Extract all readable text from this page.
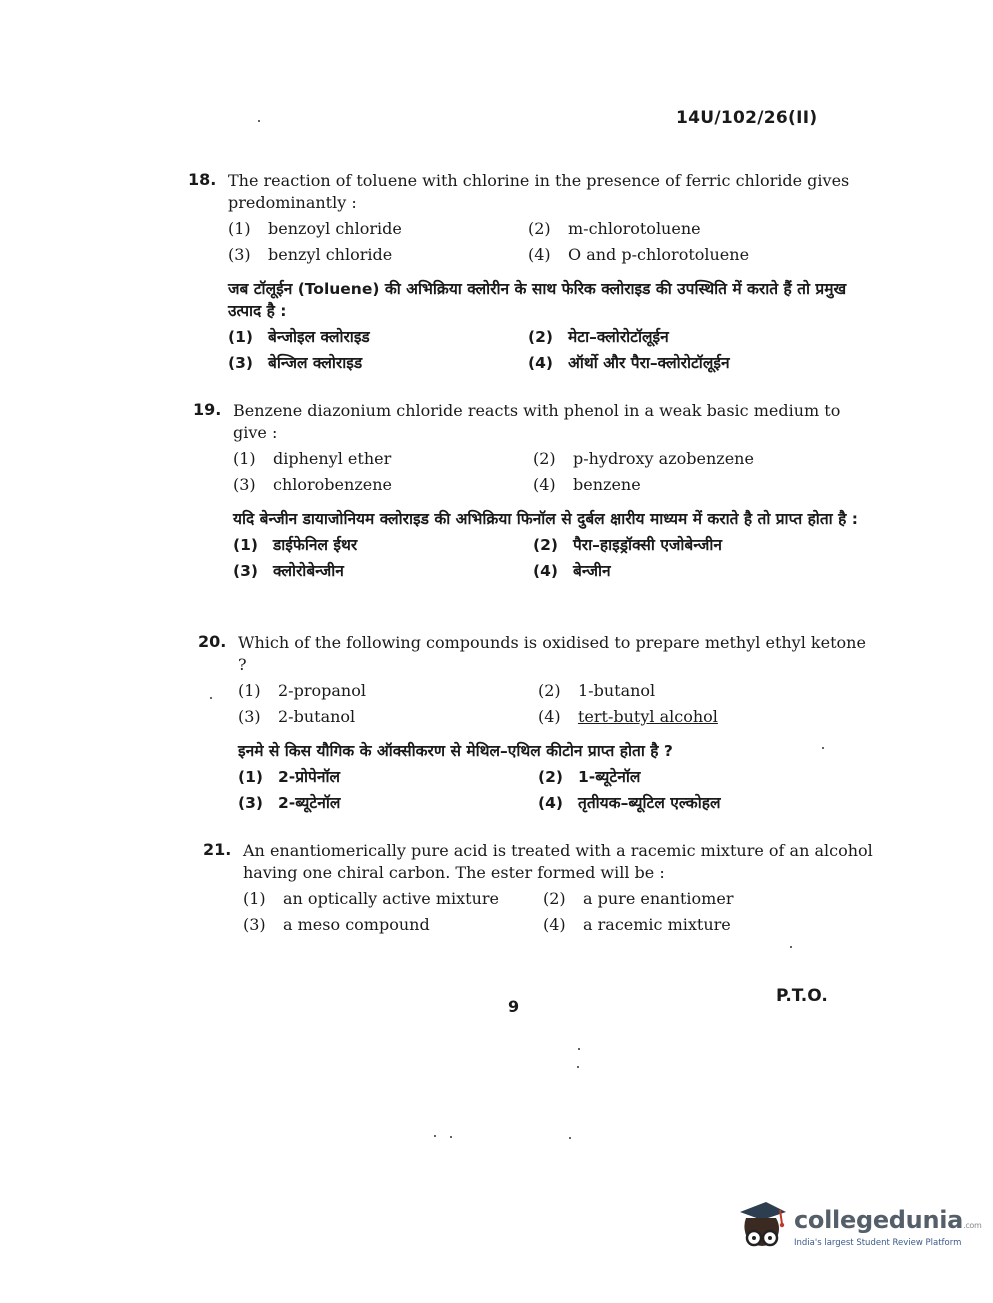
14U/102/26(II)
18. The reaction of toluene with chlorine in the presence of ferric chloride gives predominantly :

(1)	benzoyl chloride	(2)	m-chlorotoluene
(3)	benzyl chloride	(4)	O and p-chlorotoluene

जब टॉलूईन (Toluene) की अभिक्रिया क्लोरीन के साथ फेरिक क्लोराइड की उपस्थिति में कराते हैं तो प्रमुख उत्पाद है :

(1) बेन्जोइल क्लोराइड	(2) मेटा–क्लोरोटॉलूईन
(3) बेन्जिल क्लोराइड	(4) ऑर्थो और पैरा–क्लोरोटॉलूईन
19. Benzene diazonium chloride reacts with phenol in a weak basic medium to give :

(1)	diphenyl ether	(2)	p-hydroxy azobenzene
(3)	chlorobenzene	(4)	benzene

यदि बेन्जीन डायाजोनियम क्लोराइड की अभिक्रिया फिनॉल से दुर्बल क्षारीय माध्यम में कराते है तो प्राप्त होता है :

(1) डाईफेनिल ईथर	(2) पैरा–हाइड्रॉक्सी एजोबेन्जीन
(3) क्लोरोबेन्जीन	(4) बेन्जीन
20. Which of the following compounds is oxidised to prepare methyl ethyl ketone ?

(1)	2-propanol	(2)	1-butanol
(3)	2-butanol	(4)	tert-butyl alcohol

इनमे से किस यौगिक के ऑक्सीकरण से मेथिल–एथिल कीटोन प्राप्त होता है ?

(1) 2-प्रोपेनॉल	(2) 1-ब्यूटेनॉल
(3) 2-ब्यूटेनॉल	(4) तृतीयक–ब्यूटिल एल्कोहल
21. An enantiomerically pure acid is treated with a racemic mixture of an alcohol having one chiral carbon. The ester formed will be :

(1)	an optically active mixture	(2)	a pure enantiomer
(3)	a meso compound	(4)	a racemic mixture
9
P.T.O.
collegedunia.com
India's largest Student Review Platform
